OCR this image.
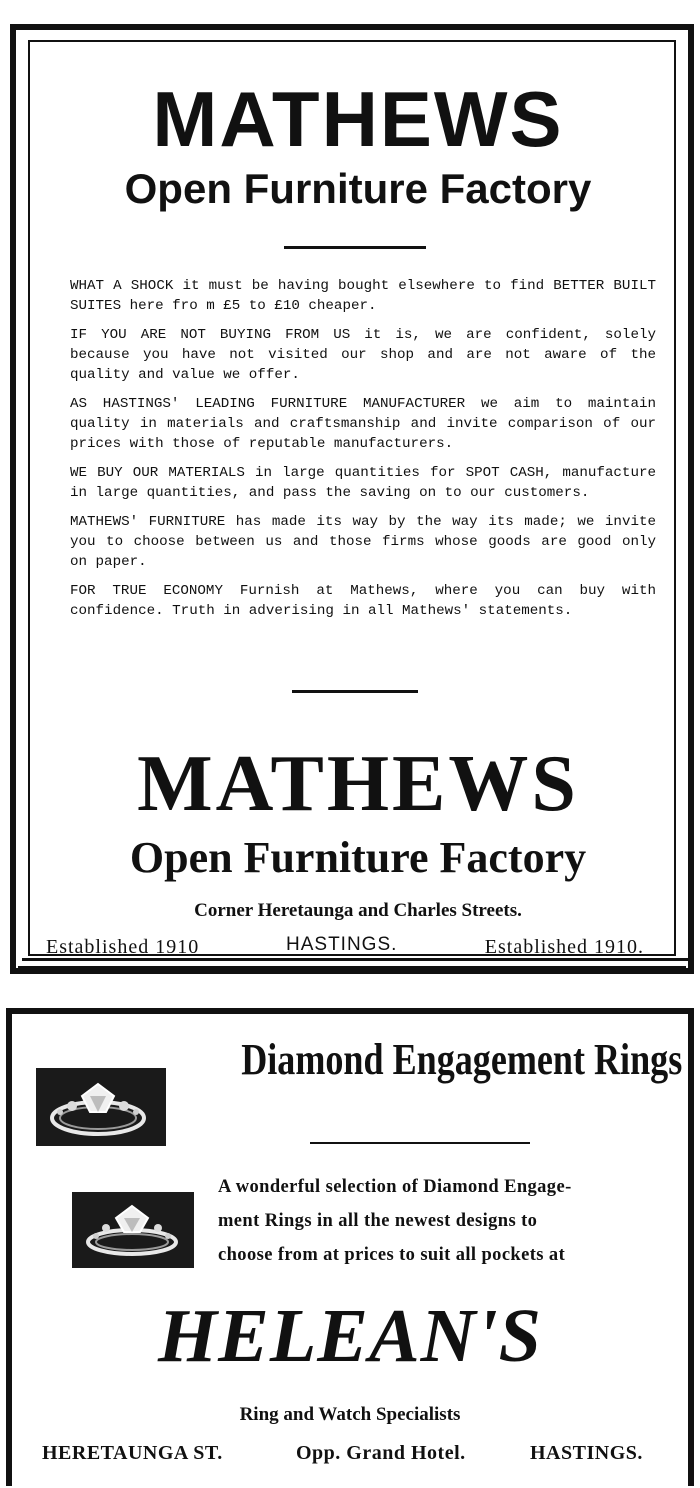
MATHEWS
Open Furniture Factory

WHAT A SHOCK it must be having bought elsewhere to find BETTER BUILT SUITES here fro m £5 to £10 cheaper.

IF YOU ARE NOT BUYING FROM US it is, we are confident, solely because you have not visited our shop and are not aware of the quality and value we offer.

AS HASTINGS' LEADING FURNITURE MANUFACTURER we aim to maintain quality in materials and craftsmanship and invite comparison of our prices with those of reputable manufacturers.

WE BUY OUR MATERIALS in large quantities for SPOT CASH, manufacture in large quantities, and pass the saving on to our customers.

MATHEWS' FURNITURE has made its way by the way its made; we invite you to choose between us and those firms whose goods are good only on paper.

FOR TRUE ECONOMY Furnish at Mathews, where you can buy with confidence. Truth in adverising in all Mathews' statements.

MATHEWS
Open Furniture Factory
Corner Heretaunga and Charles Streets.
Established 1910	HASTINGS.	Established 1910.
Diamond Engagement Rings
A wonderful selection of Diamond Engage-
ment Rings in all the newest designs to
choose from at prices to suit all pockets at
HELEAN'S
Ring and Watch Specialists
HERETAUNGA ST.	Opp. Grand Hotel.	HASTINGS.
